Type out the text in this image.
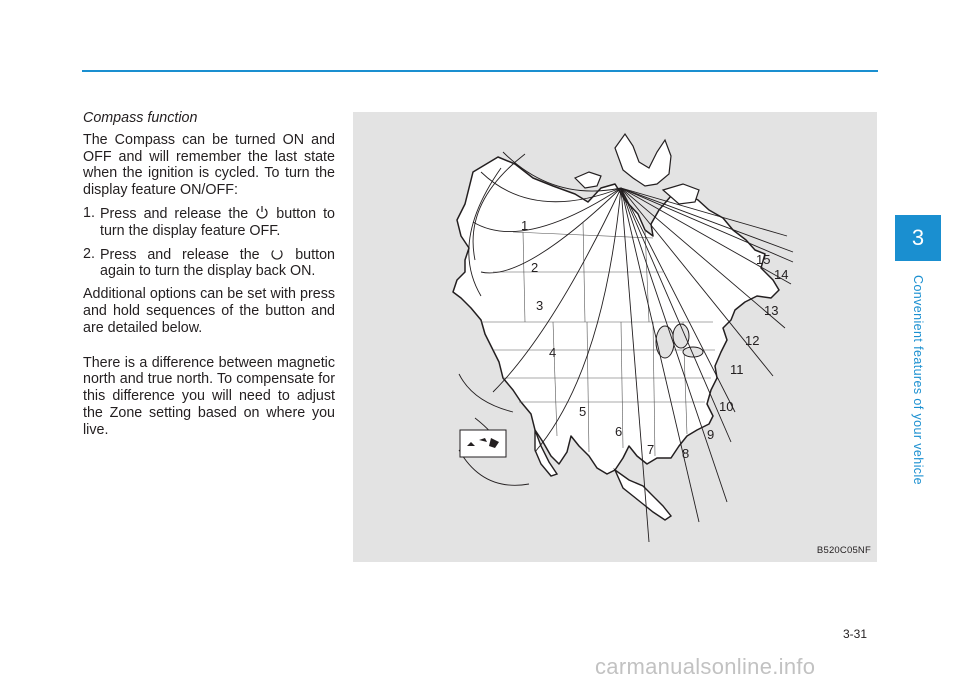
Compass function

The Compass can be turned ON and OFF and will remember the last state when the ignition is cycled. To turn the display feature ON/OFF:

1. Press and release the button to turn the display feature OFF.
2. Press and release the button again to turn the display back ON.

Additional options can be set with press and hold sequences of the button and are detailed below.

There is a difference between magnetic north and true north. To compensate for this difference you will need to adjust the Zone setting based on where you live.

1
2
3
4
5
6
7 8
9
10
11
12
13
14
15
B520C05NF
3
Convenient features of your vehicle
3-31
carmanualsonline.info
